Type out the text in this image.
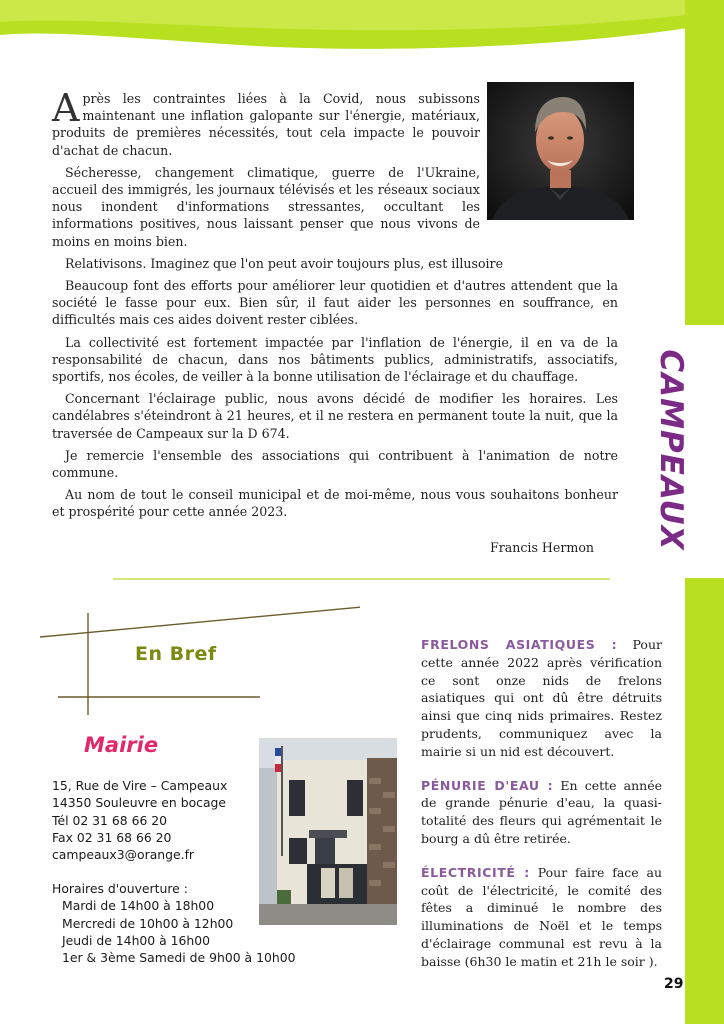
CAMPEAUX

Après les contraintes liées à la Covid, nous subissons maintenant une inflation galopante sur l'énergie, matériaux, produits de premières nécessités, tout cela impacte le pouvoir d'achat de chacun.

Sécheresse, changement climatique, guerre de l'Ukraine, accueil des immigrés, les journaux télévisés et les réseaux sociaux nous inondent d'informations stressantes, occultant les informations positives, nous laissant penser que nous vivons de moins en moins bien.

Relativisons. Imaginez que l'on peut avoir toujours plus, est illusoire

Beaucoup font des efforts pour améliorer leur quotidien et d'autres attendent que la société le fasse pour eux. Bien sûr, il faut aider les personnes en souffrance, en difficultés mais ces aides doivent rester ciblées.

La collectivité est fortement impactée par l'inflation de l'énergie, il en va de la responsabilité de chacun, dans nos bâtiments publics, administratifs, associatifs, sportifs, nos écoles, de veiller à la bonne utilisation de l'éclairage et du chauffage.

Concernant l'éclairage public, nous avons décidé de modifier les horaires. Les candélabres s'éteindront à 21 heures, et il ne restera en permanent toute la nuit, que la traversée de Campeaux sur la D 674.

Je remercie l'ensemble des associations qui contribuent à l'animation de notre commune.

Au nom de tout le conseil municipal et de moi-même, nous vous souhaitons bonheur et prospérité pour cette année 2023.

Francis Hermon
En Bref
Mairie
15, Rue de Vire – Campeaux
14350 Souleuvre en bocage
Tél 02 31 68 66 20
Fax 02 31 68 66 20
campeaux3@orange.fr
Horaires d'ouverture :
Mardi de 14h00 à 18h00
Mercredi de 10h00 à 12h00
Jeudi de 14h00 à 16h00
1er & 3ème Samedi de 9h00 à 10h00

FRELONS ASIATIQUES : Pour cette année 2022 après vérification ce sont onze nids de frelons asiatiques qui ont dû être détruits ainsi que cinq nids primaires. Restez prudents, communiquez avec la mairie si un nid est découvert.

PÉNURIE D'EAU : En cette année de grande pénurie d'eau, la quasi-totalité des fleurs qui agrémentait le bourg a dû être retirée.

ÉLECTRICITÉ : Pour faire face au coût de l'électricité, le comité des fêtes a diminué le nombre des illuminations de Noël et le temps d'éclairage communal est revu à la baisse (6h30 le matin et 21h le soir ).

29
